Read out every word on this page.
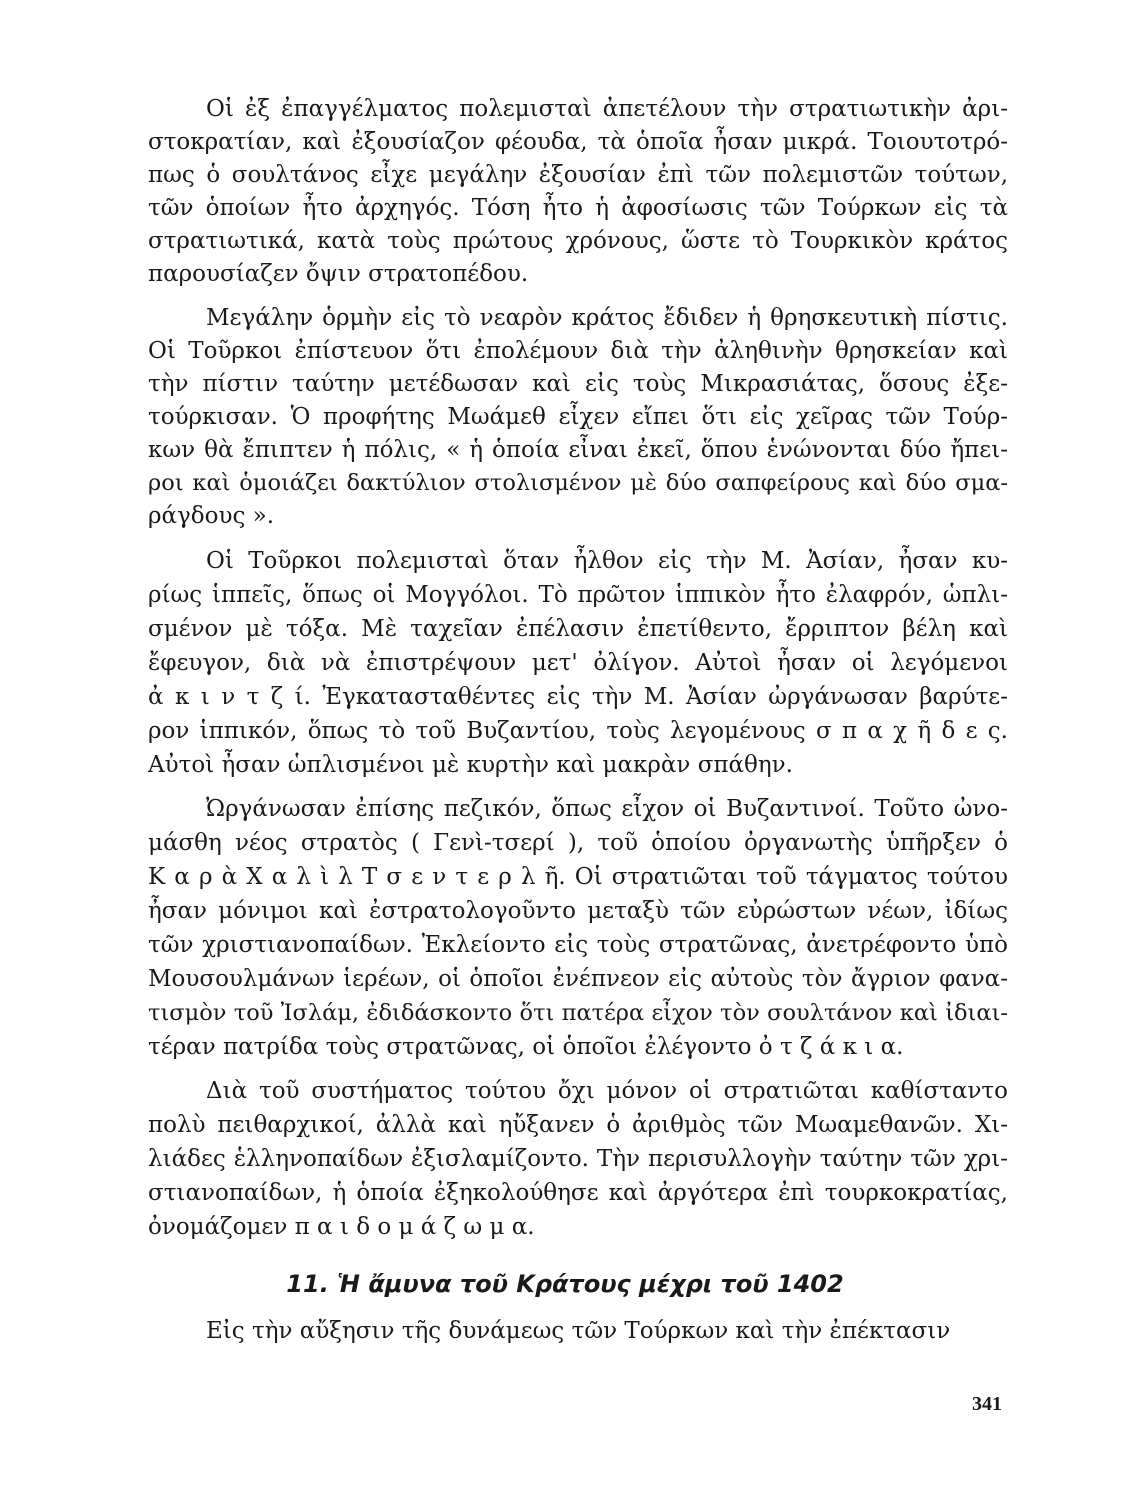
Οἱ ἐξ ἐπαγγέλματος πολεμισταὶ ἀπετέλουν τὴν στρατιωτικὴν ἀρι-
στοκρατίαν, καὶ ἐξουσίαζον φέουδα, τὰ ὁποῖα ἦσαν μικρά. Τοιουτοτρό-
πως ὁ σουλτάνος εἶχε μεγάλην ἐξουσίαν ἐπὶ τῶν πολεμιστῶν τούτων,
τῶν ὁποίων ἦτο ἀρχηγός. Τόση ἦτο ἡ ἀφοσίωσις τῶν Τούρκων εἰς τὰ
στρατιωτικά, κατὰ τοὺς πρώτους χρόνους, ὥστε τὸ Τουρκικὸν κράτος
παρουσίαζεν ὄψιν στρατοπέδου.
Μεγάλην ὁρμὴν εἰς τὸ νεαρὸν κράτος ἔδιδεν ἡ θρησκευτικὴ πίστις.
Οἱ Τοῦρκοι ἐπίστευον ὅτι ἐπολέμουν διὰ τὴν ἀληθινὴν θρησκείαν καὶ
τὴν πίστιν ταύτην μετέδωσαν καὶ εἰς τοὺς Μικρασιάτας, ὅσους ἐξε-
τούρκισαν. Ὁ προφήτης Μωάμεθ εἶχεν εἴπει ὅτι εἰς χεῖρας τῶν Τούρ-
κων θὰ ἔπιπτεν ἡ πόλις, « ἡ ὁποία εἶναι ἐκεῖ, ὅπου ἑνώνονται δύο ἤπει-
ροι καὶ ὁμοιάζει δακτύλιον στολισμένον μὲ δύο σαπφείρους καὶ δύο σμα-
ράγδους ».
Οἱ Τοῦρκοι πολεμισταὶ ὅταν ἦλθον εἰς τὴν Μ. Ἀσίαν, ἦσαν κυ-
ρίως ἱππεῖς, ὅπως οἱ Μογγόλοι. Τὸ πρῶτον ἱππικὸν ἦτο ἐλαφρόν, ὡπλι-
σμένον μὲ τόξα. Μὲ ταχεῖαν ἐπέλασιν ἐπετίθεντο, ἔρριπτον βέλη καὶ
ἔφευγον, διὰ νὰ ἐπιστρέψουν μετ' ὀλίγον. Αὐτοὶ ἦσαν οἱ λεγόμενοι
ἀ κ ι ν τ ζ ί. Ἐγκατασταθέντες εἰς τὴν Μ. Ἀσίαν ὠργάνωσαν βαρύτε-
ρον ἱππικόν, ὅπως τὸ τοῦ Βυζαντίου, τοὺς λεγομένους σ π α χ ῆ δ ε ς.
Αὐτοὶ ἦσαν ὡπλισμένοι μὲ κυρτὴν καὶ μακρὰν σπάθην.
Ὠργάνωσαν ἐπίσης πεζικόν, ὅπως εἶχον οἱ Βυζαντινοί. Τοῦτο ὠνο-
μάσθη νέος στρατὸς ( Γενὶ-τσερί ), τοῦ ὁποίου ὀργανωτὴς ὑπῆρξεν ὁ
Κ α ρ ὰ Χ α λ ὶ λ Τ σ ε ν τ ε ρ λ ῆ. Οἱ στρατιῶται τοῦ τάγματος τούτου
ἦσαν μόνιμοι καὶ ἐστρατολογοῦντο μεταξὺ τῶν εὐρώστων νέων, ἰδίως
τῶν χριστιανοπαίδων. Ἐκλείοντο εἰς τοὺς στρατῶνας, ἀνετρέφοντο ὑπὸ
Μουσουλμάνων ἱερέων, οἱ ὁποῖοι ἐνέπνεον εἰς αὐτοὺς τὸν ἄγριον φανα-
τισμὸν τοῦ Ἰσλάμ, ἐδιδάσκοντο ὅτι πατέρα εἶχον τὸν σουλτάνον καὶ ἰδιαι-
τέραν πατρίδα τοὺς στρατῶνας, οἱ ὁποῖοι ἐλέγοντο ὀ τ ζ ά κ ι α.
Διὰ τοῦ συστήματος τούτου ὄχι μόνον οἱ στρατιῶται καθίσταντο
πολὺ πειθαρχικοί, ἀλλὰ καὶ ηὔξανεν ὁ ἀριθμὸς τῶν Μωαμεθανῶν. Χι-
λιάδες ἑλληνοπαίδων ἐξισλαμίζοντο. Τὴν περισυλλογὴν ταύτην τῶν χρι-
στιανοπαίδων, ἡ ὁποία ἐξηκολούθησε καὶ ἀργότερα ἐπὶ τουρκοκρατίας,
ὀνομάζομεν π α ι δ ο μ ά ζ ω μ α.
11. Ἡ ἄμυνα τοῦ Κράτους μέχρι τοῦ 1402
Εἰς τὴν αὔξησιν τῆς δυνάμεως τῶν Τούρκων καὶ τὴν ἐπέκτασιν
341
